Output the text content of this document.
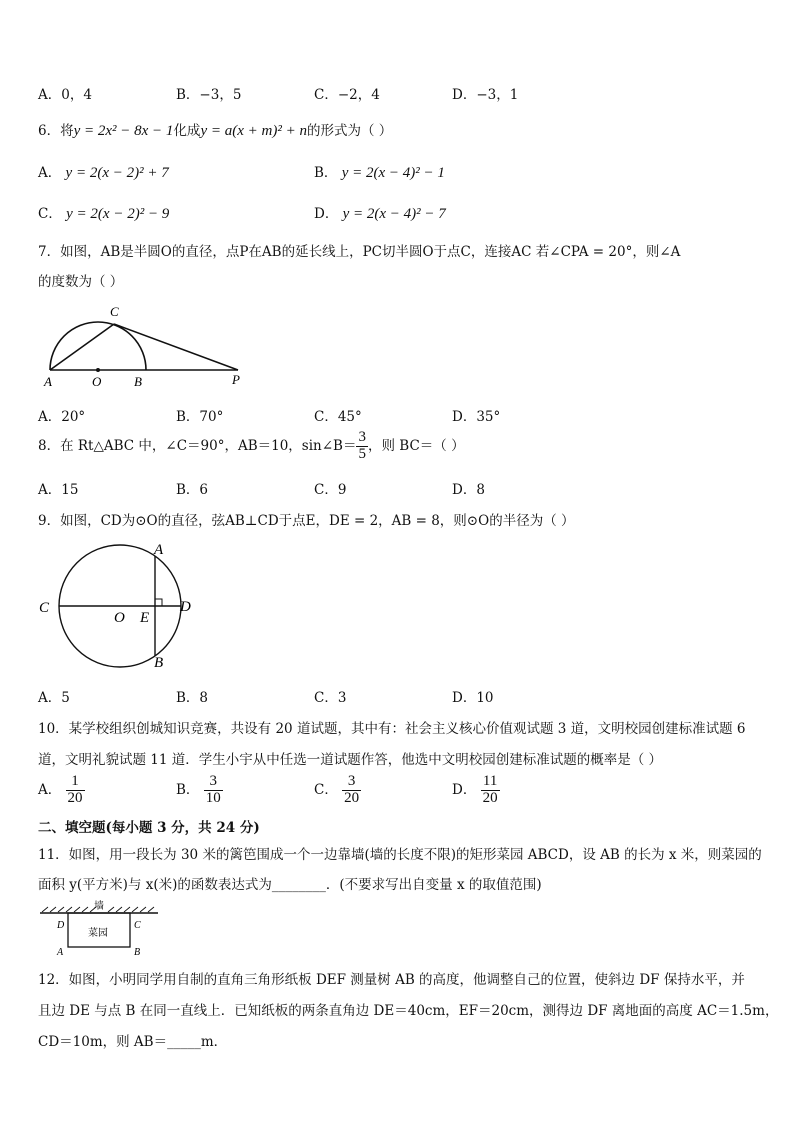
A．0，4	B．−3，5	C．−2，4	D．−3，1
6．将y = 2x² − 8x − 1化成y = a(x + m)² + n的形式为（ ）
A． y = 2(x − 2)² + 7	B． y = 2(x − 4)² − 1
C． y = 2(x − 2)² − 9	D． y = 2(x − 4)² − 7
7．如图，AB是半圆O的直径，点P在AB的延长线上，PC切半圆O于点C，连接AC 若∠CPA = 20°，则∠A
的度数为（ ）
C
A	O	B	P
A．20°	B．70°	C．45°	D．35°
8．在 Rt△ABC 中，∠C＝90°，AB＝10，sin∠B＝ $\frac{3}{5}$ ，则 BC＝（ ）
A．15	B．6	C．9	D．8
9．如图，CD为⊙O的直径，弦AB⊥CD于点E，DE = 2，AB = 8，则⊙O的半径为（ ）
A
B
C	D
O E
A．5	B．8	C．3	D．10
10．某学校组织创城知识竞赛，共设有 20 道试题，其中有：社会主义核心价值观试题 3 道，文明校园创建标准试题 6
道，文明礼貌试题 11 道．学生小宇从中任选一道试题作答，他选中文明校园创建标准试题的概率是（ ）
A． $\frac{1}{20}$	B． $\frac{3}{10}$	C． $\frac{3}{20}$	D． $\frac{11}{20}$
二、填空题(每小题 3 分，共 24 分)
11．如图，用一段长为 30 米的篱笆围成一个一边靠墙(墙的长度不限)的矩形菜园 ABCD，设 AB 的长为 x 米，则菜园的
面积 y(平方米)与 x(米)的函数表达式为________．(不要求写出自变量 x 的取值范围)
墙
菜园
D	C
A	B
12．如图，小明同学用自制的直角三角形纸板 DEF 测量树 AB 的高度，他调整自己的位置，使斜边 DF 保持水平，并
且边 DE 与点 B 在同一直线上．已知纸板的两条直角边 DE＝40cm，EF＝20cm，测得边 DF 离地面的高度 AC＝1.5m，
CD＝10m，则 AB＝_____m．
